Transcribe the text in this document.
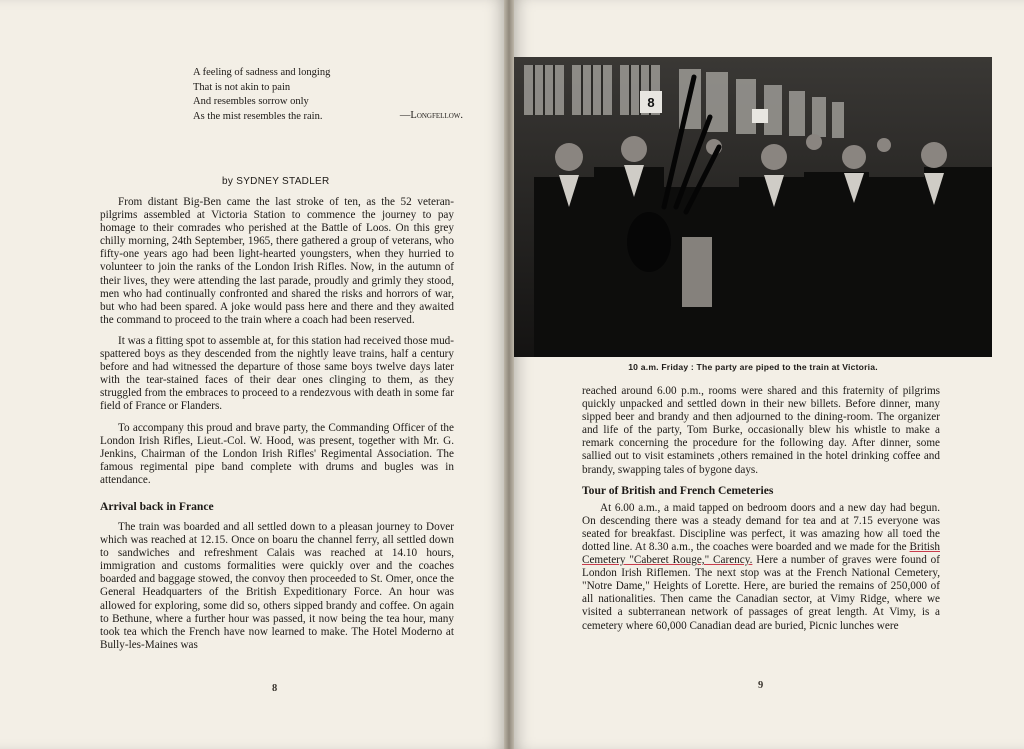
A feeling of sadness and longing
That is not akin to pain
And resembles sorrow only
As the mist resembles the rain.	—Longfellow.
by SYDNEY STADLER

From distant Big-Ben came the last stroke of ten, as the 52 veteran-pilgrims assembled at Victoria Station to commence the journey to pay homage to their comrades who perished at the Battle of Loos. On this grey chilly morning, 24th September, 1965, there gathered a group of veterans, who fifty-one years ago had been light-hearted youngsters, when they hurried to volunteer to join the ranks of the London Irish Rifles. Now, in the autumn of their lives, they were attending the last parade, proudly and grimly they stood, men who had continually confronted and shared the risks and horrors of war, but who had been spared. A joke would pass here and there and they awaited the command to proceed to the train where a coach had been reserved.

It was a fitting spot to assemble at, for this station had received those mud-spattered boys as they descended from the nightly leave trains, half a century before and had witnessed the departure of those same boys twelve days later with the tear-stained faces of their dear ones clinging to them, as they struggled from the embraces to proceed to a rendezvous with death in some far field of France or Flanders.

To accompany this proud and brave party, the Commanding Officer of the London Irish Rifles, Lieut.-Col. W. Hood, was present, together with Mr. G. Jenkins, Chairman of the London Irish Rifles' Regimental Association. The famous regimental pipe band complete with drums and bugles was in attendance.

Arrival back in France

The train was boarded and all settled down to a pleasan journey to Dover which was reached at 12.15. Once on boaru the channel ferry, all settled down to sandwiches and refreshment Calais was reached at 14.10 hours, immigration and customs formalities were quickly over and the coaches boarded and baggage stowed, the convoy then proceeded to St. Omer, once the General Headquarters of the British Expeditionary Force. An hour was allowed for exploring, some did so, others sipped brandy and coffee. On again to Bethune, where a further hour was passed, it now being the tea hour, many took tea which the French have now learned to make. The Hotel Moderno at Bully-les-Maines was

8
8
10 a.m. Friday : The party are piped to the train at Victoria.

reached around 6.00 p.m., rooms were shared and this fraternity of pilgrims quickly unpacked and settled down in their new billets. Before dinner, many sipped beer and brandy and then adjourned to the dining-room. The organizer and life of the party, Tom Burke, occasionally blew his whistle to make a remark concerning the procedure for the following day. After dinner, some sallied out to visit estaminets ,others remained in the hotel drinking coffee and brandy, swapping tales of bygone days.

Tour of British and French Cemeteries

At 6.00 a.m., a maid tapped on bedroom doors and a new day had begun. On descending there was a steady demand for tea and at 7.15 everyone was seated for breakfast. Discipline was perfect, it was amazing how all toed the dotted line. At 8.30 a.m., the coaches were boarded and we made for the British Cemetery "Caberet Rouge," Carency. Here a number of graves were found of London Irish Riflemen. The next stop was at the French National Cemetery, "Notre Dame," Heights of Lorette. Here, are buried the remains of 250,000 of all nationalities. Then came the Canadian sector, at Vimy Ridge, where we visited a subterranean network of passages of great length. At Vimy, is a cemetery where 60,000 Canadian dead are buried, Picnic lunches were

9
